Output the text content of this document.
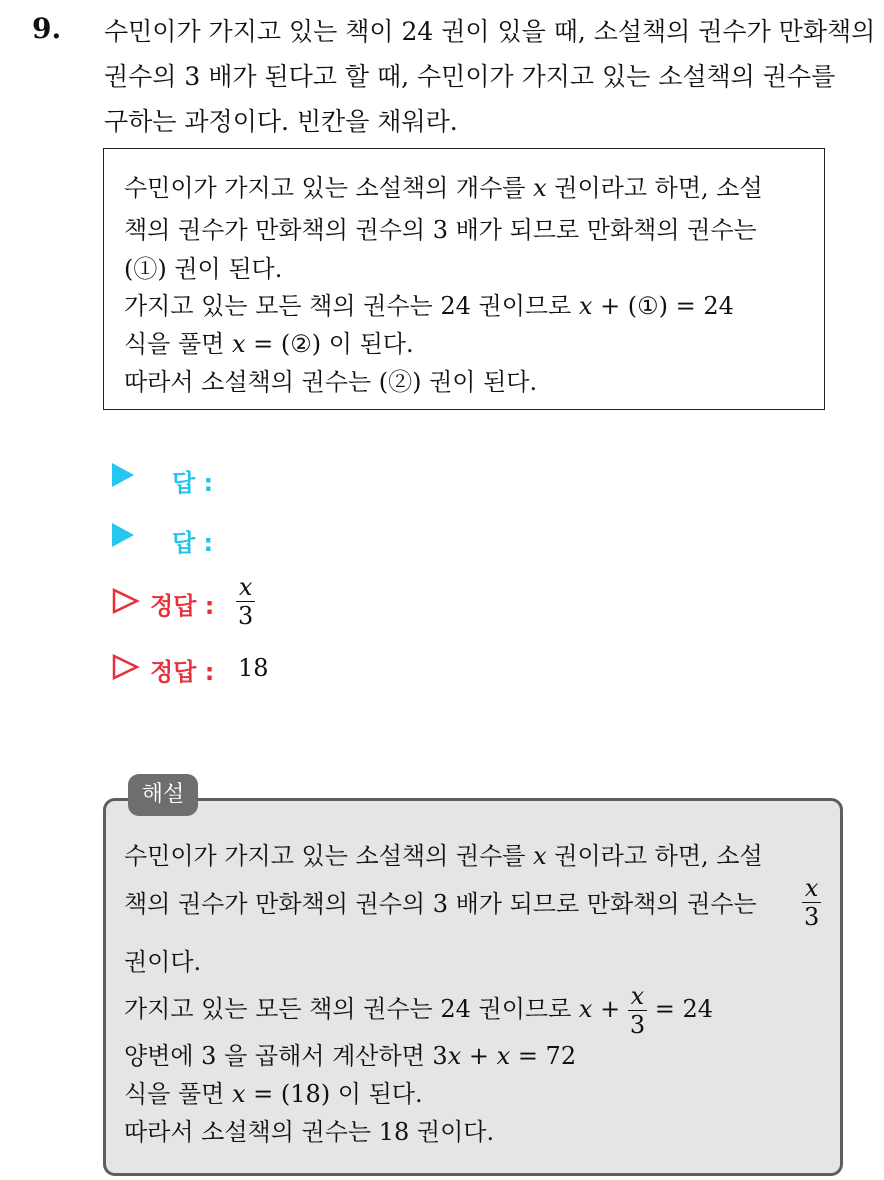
9. 수민이가 가지고 있는 책이 24 권이 있을 때, 소설책의 권수가 만화책의
권수의 3 배가 된다고 할 때, 수민이가 가지고 있는 소설책의 권수를
구하는 과정이다. 빈칸을 채워라.
수민이가 가지고 있는 소설책의 개수를 x 권이라고 하면, 소설
책의 권수가 만화책의 권수의 3 배가 되므로 만화책의 권수는
(①) 권이 된다.
가지고 있는 모든 책의 권수는 24 권이므로 x + (①) = 24
식을 풀면 x = (②) 이 된다.
따라서 소설책의 권수는 (②) 권이 된다.
답 :
답 :
정답 : $\frac{x}{3}$
정답 : 18
해설
수민이가 가지고 있는 소설책의 권수를 x 권이라고 하면, 소설
책의 권수가 만화책의 권수의 3 배가 되므로 만화책의 권수는 $\frac{x}{3}$
권이다.
가지고 있는 모든 책의 권수는 24 권이므로 $x + \frac{x}{3} = 24$
양변에 3 을 곱해서 계산하면 3x + x = 72
식을 풀면 x = (18) 이 된다.
따라서 소설책의 권수는 18 권이다.
